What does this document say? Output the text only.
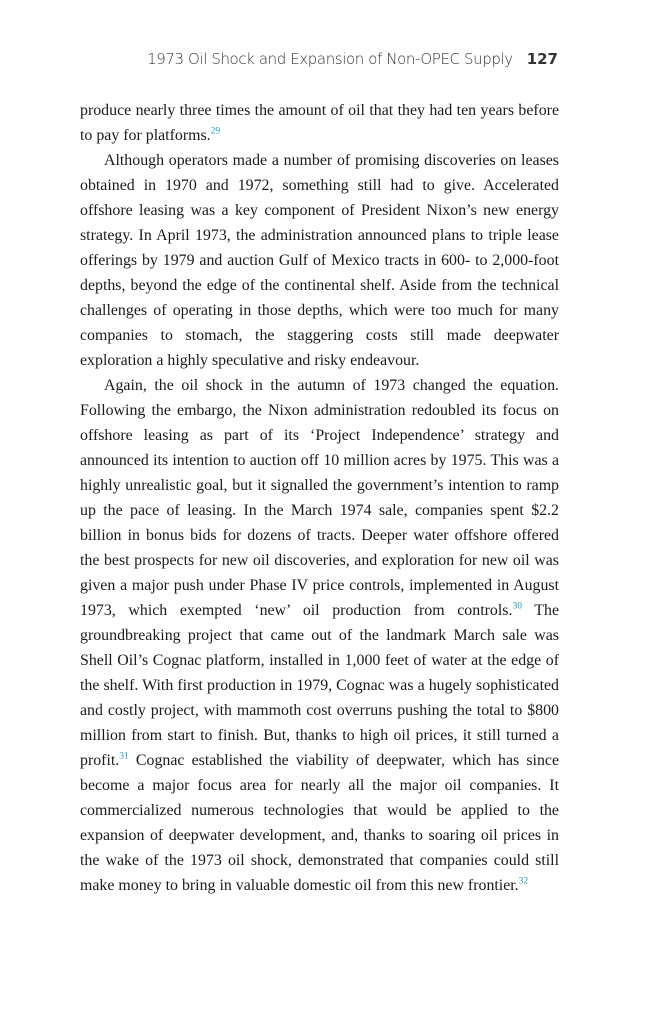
1973 Oil Shock and Expansion of Non-OPEC Supply 127

produce nearly three times the amount of oil that they had ten years before to pay for platforms.$^{29}$

Although operators made a number of promising discoveries on leases obtained in 1970 and 1972, something still had to give. Accelerated offshore leasing was a key component of President Nixon’s new energy strategy. In April 1973, the administration announced plans to triple lease offerings by 1979 and auction Gulf of Mexico tracts in 600- to 2,000-foot depths, beyond the edge of the continental shelf. Aside from the technical challenges of operating in those depths, which were too much for many companies to stomach, the staggering costs still made deepwater exploration a highly speculative and risky endeavour.

Again, the oil shock in the autumn of 1973 changed the equation. Following the embargo, the Nixon administration redoubled its focus on offshore leasing as part of its ‘Project Independence’ strategy and announced its intention to auction off 10 million acres by 1975. This was a highly unrealistic goal, but it signalled the government’s intention to ramp up the pace of leasing. In the March 1974 sale, companies spent $2.2 billion in bonus bids for dozens of tracts. Deeper water offshore offered the best prospects for new oil discoveries, and exploration for new oil was given a major push under Phase IV price controls, implemented in August 1973, which exempted ‘new’ oil production from controls.$^{30}$ The groundbreaking project that came out of the landmark March sale was Shell Oil’s Cognac platform, installed in 1,000 feet of water at the edge of the shelf. With first production in 1979, Cognac was a hugely sophisticated and costly project, with mammoth cost overruns pushing the total to $800 million from start to finish. But, thanks to high oil prices, it still turned a profit.$^{31}$ Cognac established the viability of deepwater, which has since become a major focus area for nearly all the major oil companies. It commercialized numerous technologies that would be applied to the expansion of deepwater development, and, thanks to soaring oil prices in the wake of the 1973 oil shock, demonstrated that companies could still make money to bring in valuable domestic oil from this new frontier.$^{32}$
